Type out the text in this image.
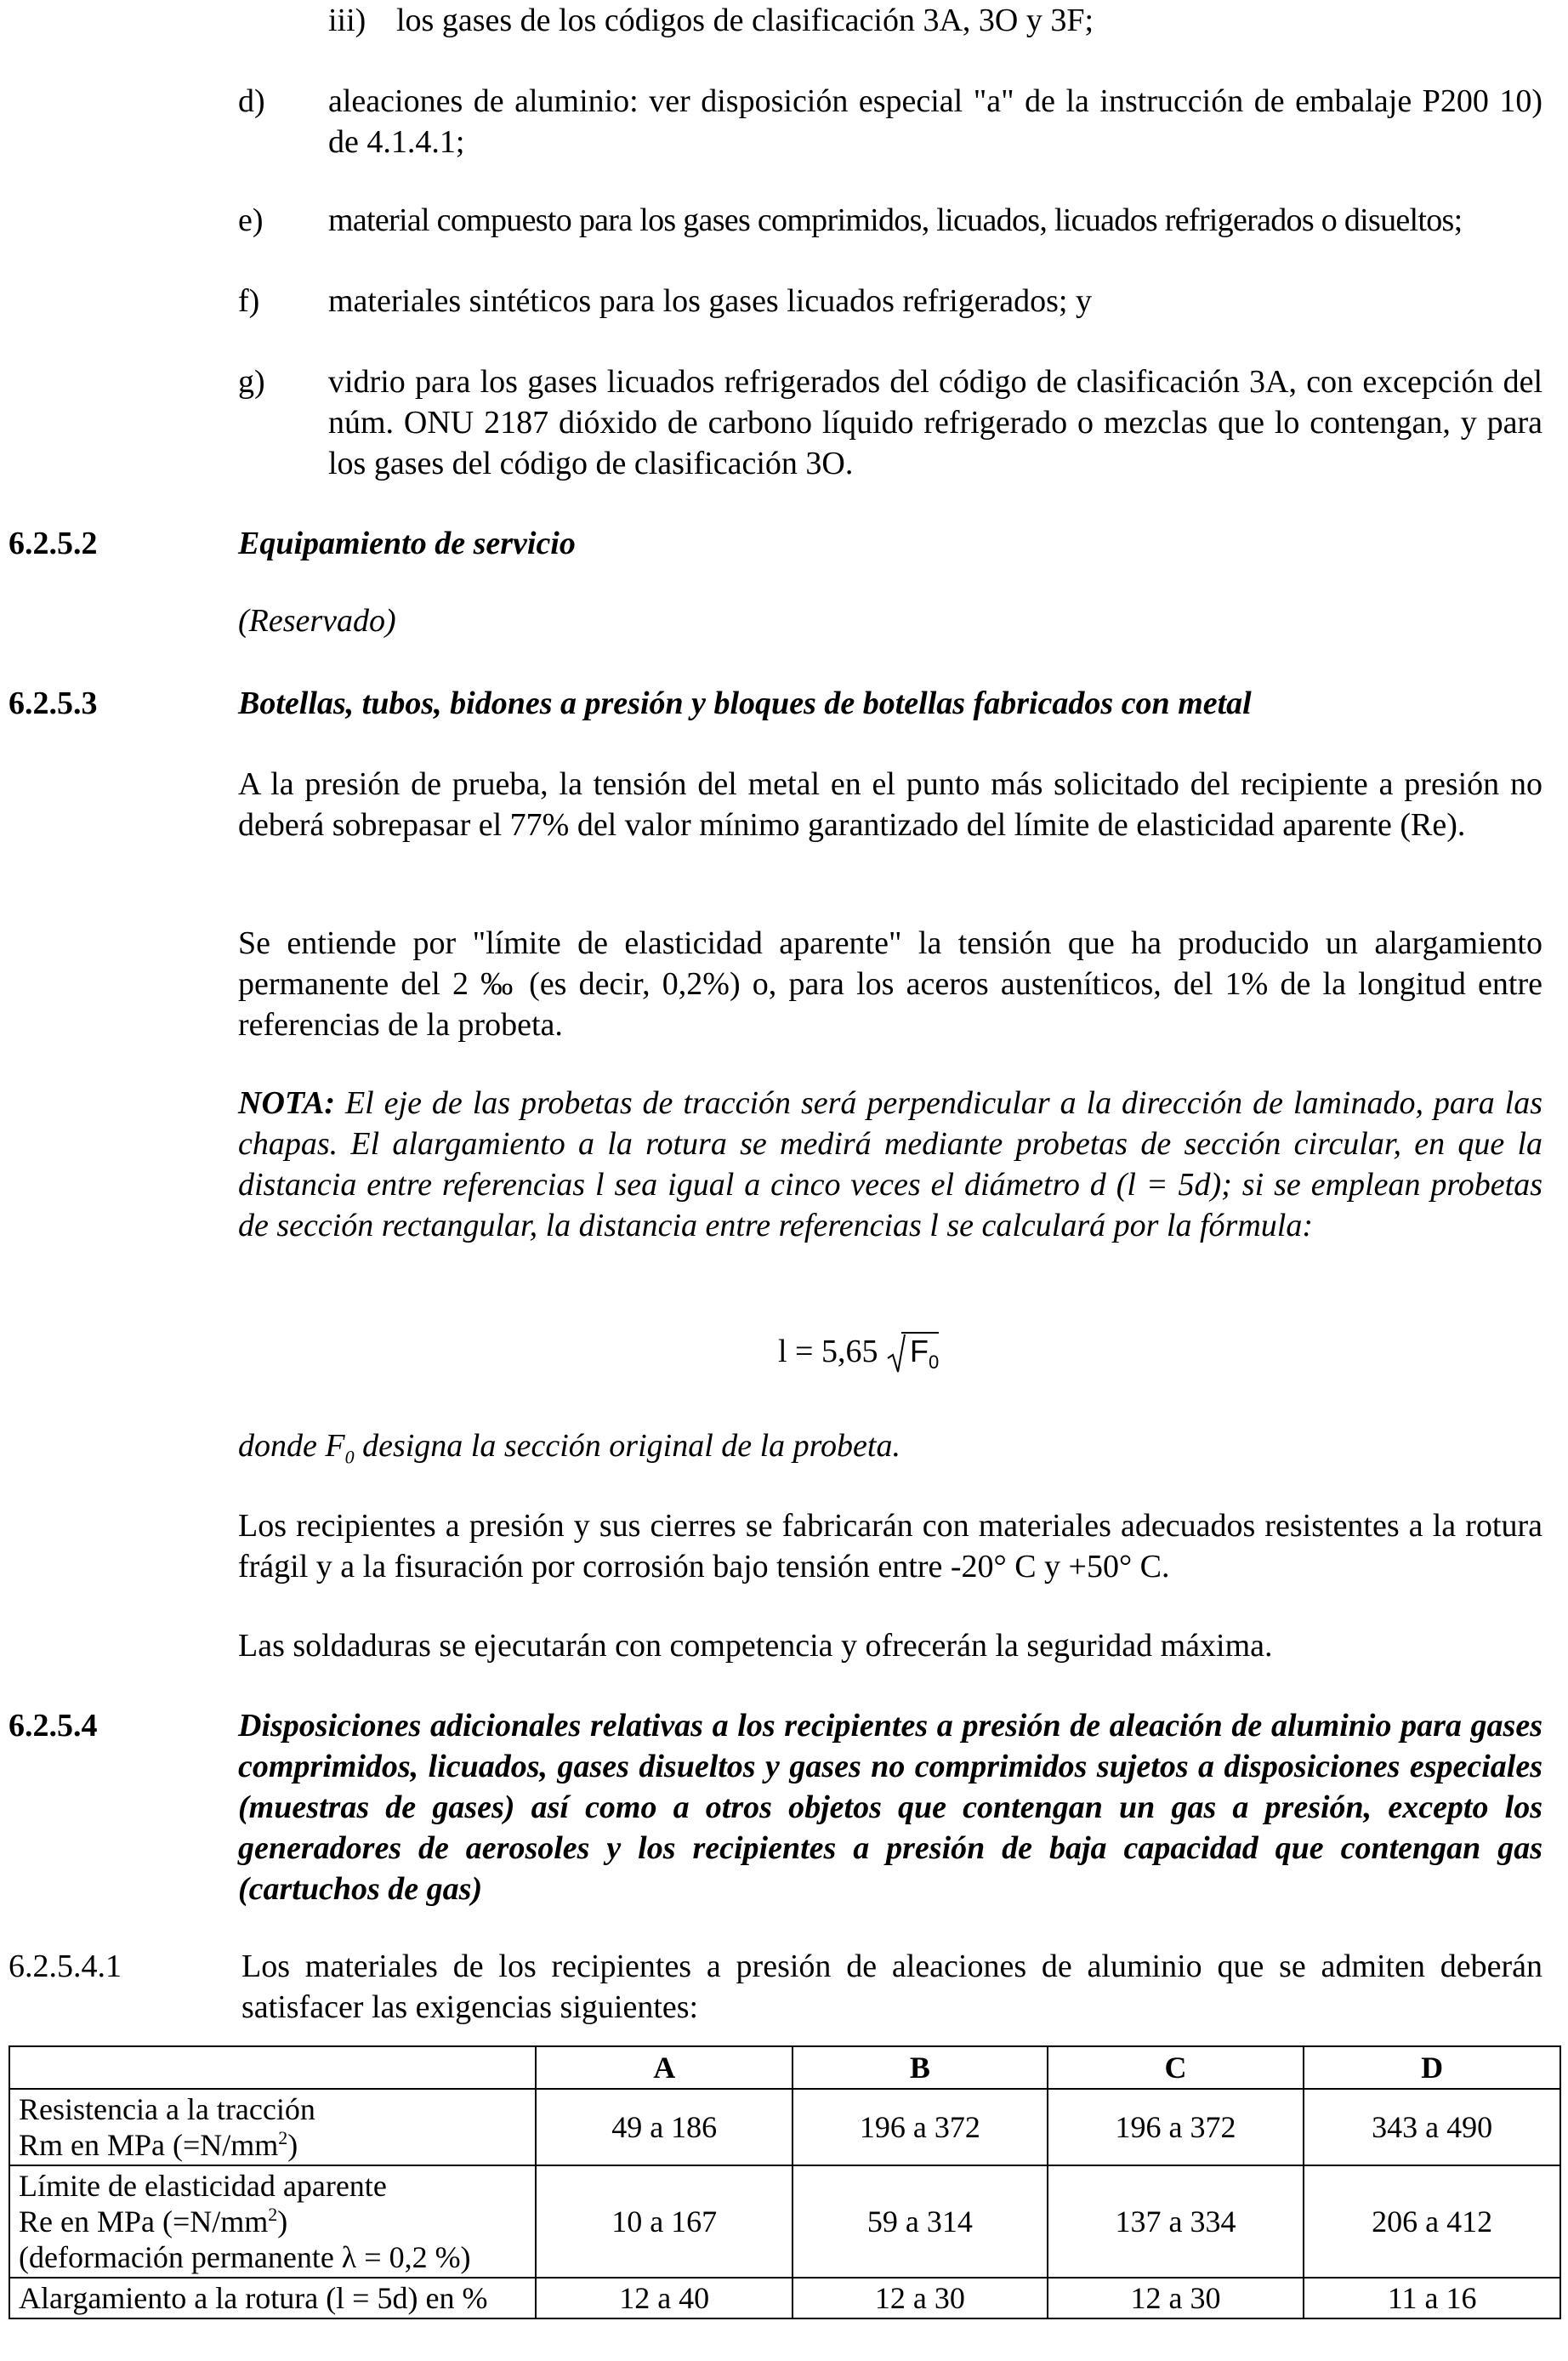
iii) los gases de los códigos de clasificación 3A, 3O y 3F;
d) aleaciones de aluminio: ver disposición especial "a" de la instrucción de embalaje P200 10) de 4.1.4.1;
e) material compuesto para los gases comprimidos, licuados, licuados refrigerados o disueltos;
f) materiales sintéticos para los gases licuados refrigerados; y
g) vidrio para los gases licuados refrigerados del código de clasificación 3A, con excepción del núm. ONU 2187 dióxido de carbono líquido refrigerado o mezclas que lo contengan, y para los gases del código de clasificación 3O.
6.2.5.2	Equipamiento de servicio
(Reservado)
6.2.5.3	Botellas, tubos, bidones a presión y bloques de botellas fabricados con metal
A la presión de prueba, la tensión del metal en el punto más solicitado del recipiente a presión no deberá sobrepasar el 77% del valor mínimo garantizado del límite de elasticidad aparente (Re).
Se entiende por "límite de elasticidad aparente" la tensión que ha producido un alargamiento permanente del 2 ‰ (es decir, 0,2%) o, para los aceros austeníticos, del 1% de la longitud entre referencias de la probeta.
NOTA: El eje de las probetas de tracción será perpendicular a la dirección de laminado, para las chapas. El alargamiento a la rotura se medirá mediante probetas de sección circular, en que la distancia entre referencias l sea igual a cinco veces el diámetro d (l = 5d); si se emplean probetas de sección rectangular, la distancia entre referencias l se calculará por la fórmula:
l = 5,65 $F_0$
donde $F_0$ designa la sección original de la probeta.
Los recipientes a presión y sus cierres se fabricarán con materiales adecuados resistentes a la rotura frágil y a la fisuración por corrosión bajo tensión entre -20° C y +50° C.
Las soldaduras se ejecutarán con competencia y ofrecerán la seguridad máxima.
6.2.5.4	Disposiciones adicionales relativas a los recipientes a presión de aleación de aluminio para gases comprimidos, licuados, gases disueltos y gases no comprimidos sujetos a disposiciones especiales (muestras de gases) así como a otros objetos que contengan un gas a presión, excepto los generadores de aerosoles y los recipientes a presión de baja capacidad que contengan gas (cartuchos de gas)
6.2.5.4.1	Los materiales de los recipientes a presión de aleaciones de aluminio que se admiten deberán satisfacer las exigencias siguientes:
	A	B	C	D
Resistencia a la tracción
Rm en MPa $(=N/mm^2)$	49 a 186	196 a 372	196 a 372	343 a 490
Límite de elasticidad aparente
Re en MPa $(=N/mm^2)$
(deformación permanente λ = 0,2 %)	10 a 167	59 a 314	137 a 334	206 a 412
Alargamiento a la rotura (l = 5d) en %	12 a 40	12 a 30	12 a 30	11 a 16
